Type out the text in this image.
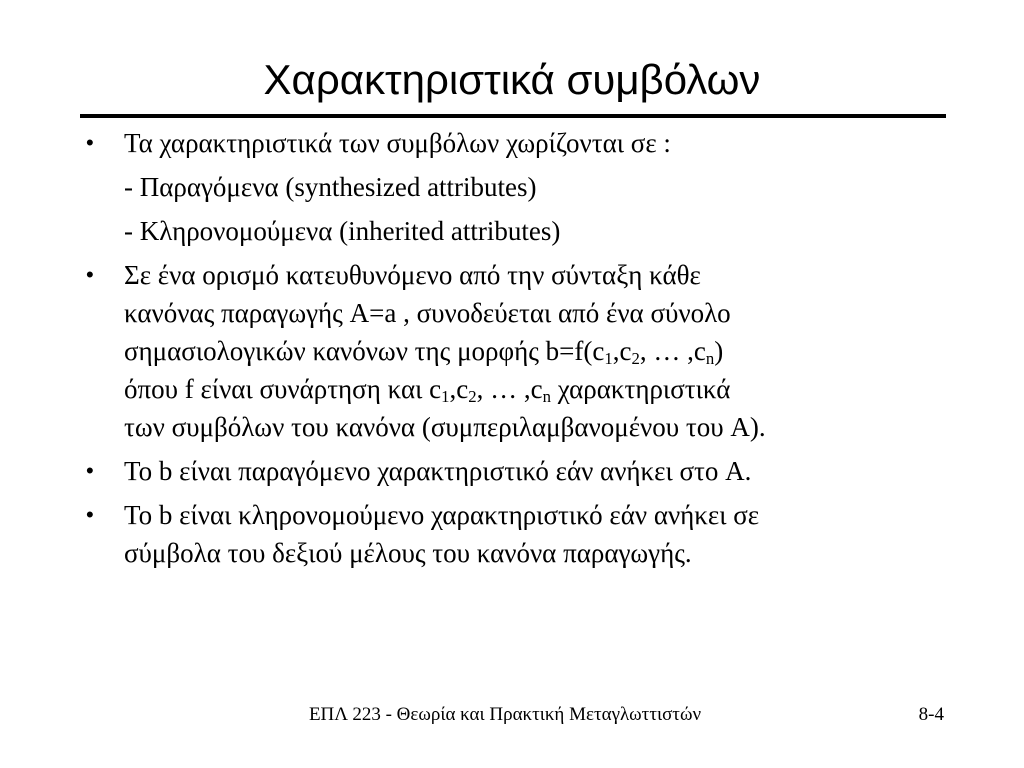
Χαρακτηριστικά συμβόλων
•	Τα χαρακτηριστικά των συμβόλων χωρίζονται σε :
- Παραγόμενα (synthesized attributes)
- Κληρονομούμενα (inherited attributes)
•	Σε ένα ορισμό κατευθυνόμενο από την σύνταξη κάθε
κανόνας παραγωγής A=a , συνοδεύεται από ένα σύνολο
σημασιολογικών κανόνων της μορφής $b=f(c_1,c_2$, … $,c_n$)
όπου f είναι συνάρτηση και $c_1,c_2$, … $,c_n$ χαρακτηριστικά
των συμβόλων του κανόνα (συμπεριλαμβανομένου του A).
•	Το b είναι παραγόμενο χαρακτηριστικό εάν ανήκει στο A.
•	Το b είναι κληρονομούμενο χαρακτηριστικό εάν ανήκει σε
σύμβολα του δεξιού μέλους του κανόνα παραγωγής.
ΕΠΛ 223 - Θεωρία και Πρακτική Μεταγλωττιστών	8-4
